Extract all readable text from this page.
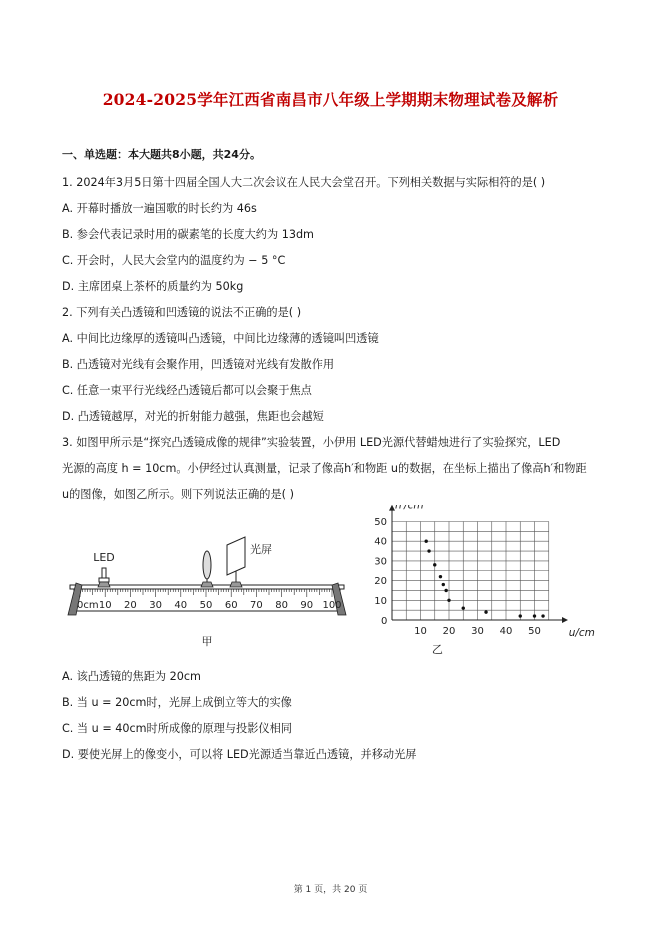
2024-2025学年江西省南昌市八年级上学期期末物理试卷及解析
一、单选题：本大题共8小题，共24分。
1. 2024年3月5日第十四届全国人大二次会议在人民大会堂召开。下列相关数据与实际相符的是( )
A. 开幕时播放一遍国歌的时长约为 46s
B. 参会代表记录时用的碳素笔的长度大约为 13dm
C. 开会时，人民大会堂内的温度约为 − 5 °C
D. 主席团桌上茶杯的质量约为 50kg
2. 下列有关凸透镜和凹透镜的说法不正确的是( )
A. 中间比边缘厚的透镜叫凸透镜，中间比边缘薄的透镜叫凹透镜
B. 凸透镜对光线有会聚作用，凹透镜对光线有发散作用
C. 任意一束平行光线经凸透镜后都可以会聚于焦点
D. 凸透镜越厚，对光的折射能力越强，焦距也会越短
3. 如图甲所示是“探究凸透镜成像的规律”实验装置，小伊用 LED光源代替蜡烛进行了实验探究，LED
光源的高度 h = 10cm。小伊经过认真测量，记录了像高h′和物距 u的数据，在坐标上描出了像高h′和物距
u的图像，如图乙所示。则下列说法正确的是( )
0cm 10 20 30 40 50 60 70 80 90 100
LED
光屏
甲
10 20 30 40 50
10
20
30
40
50
0
u/cm
h′/cm
乙
A. 该凸透镜的焦距为 20cm
B. 当 u = 20cm时，光屏上成倒立等大的实像
C. 当 u = 40cm时所成像的原理与投影仪相同
D. 要使光屏上的像变小，可以将 LED光源适当靠近凸透镜，并移动光屏
第 1 页，共 20 页
